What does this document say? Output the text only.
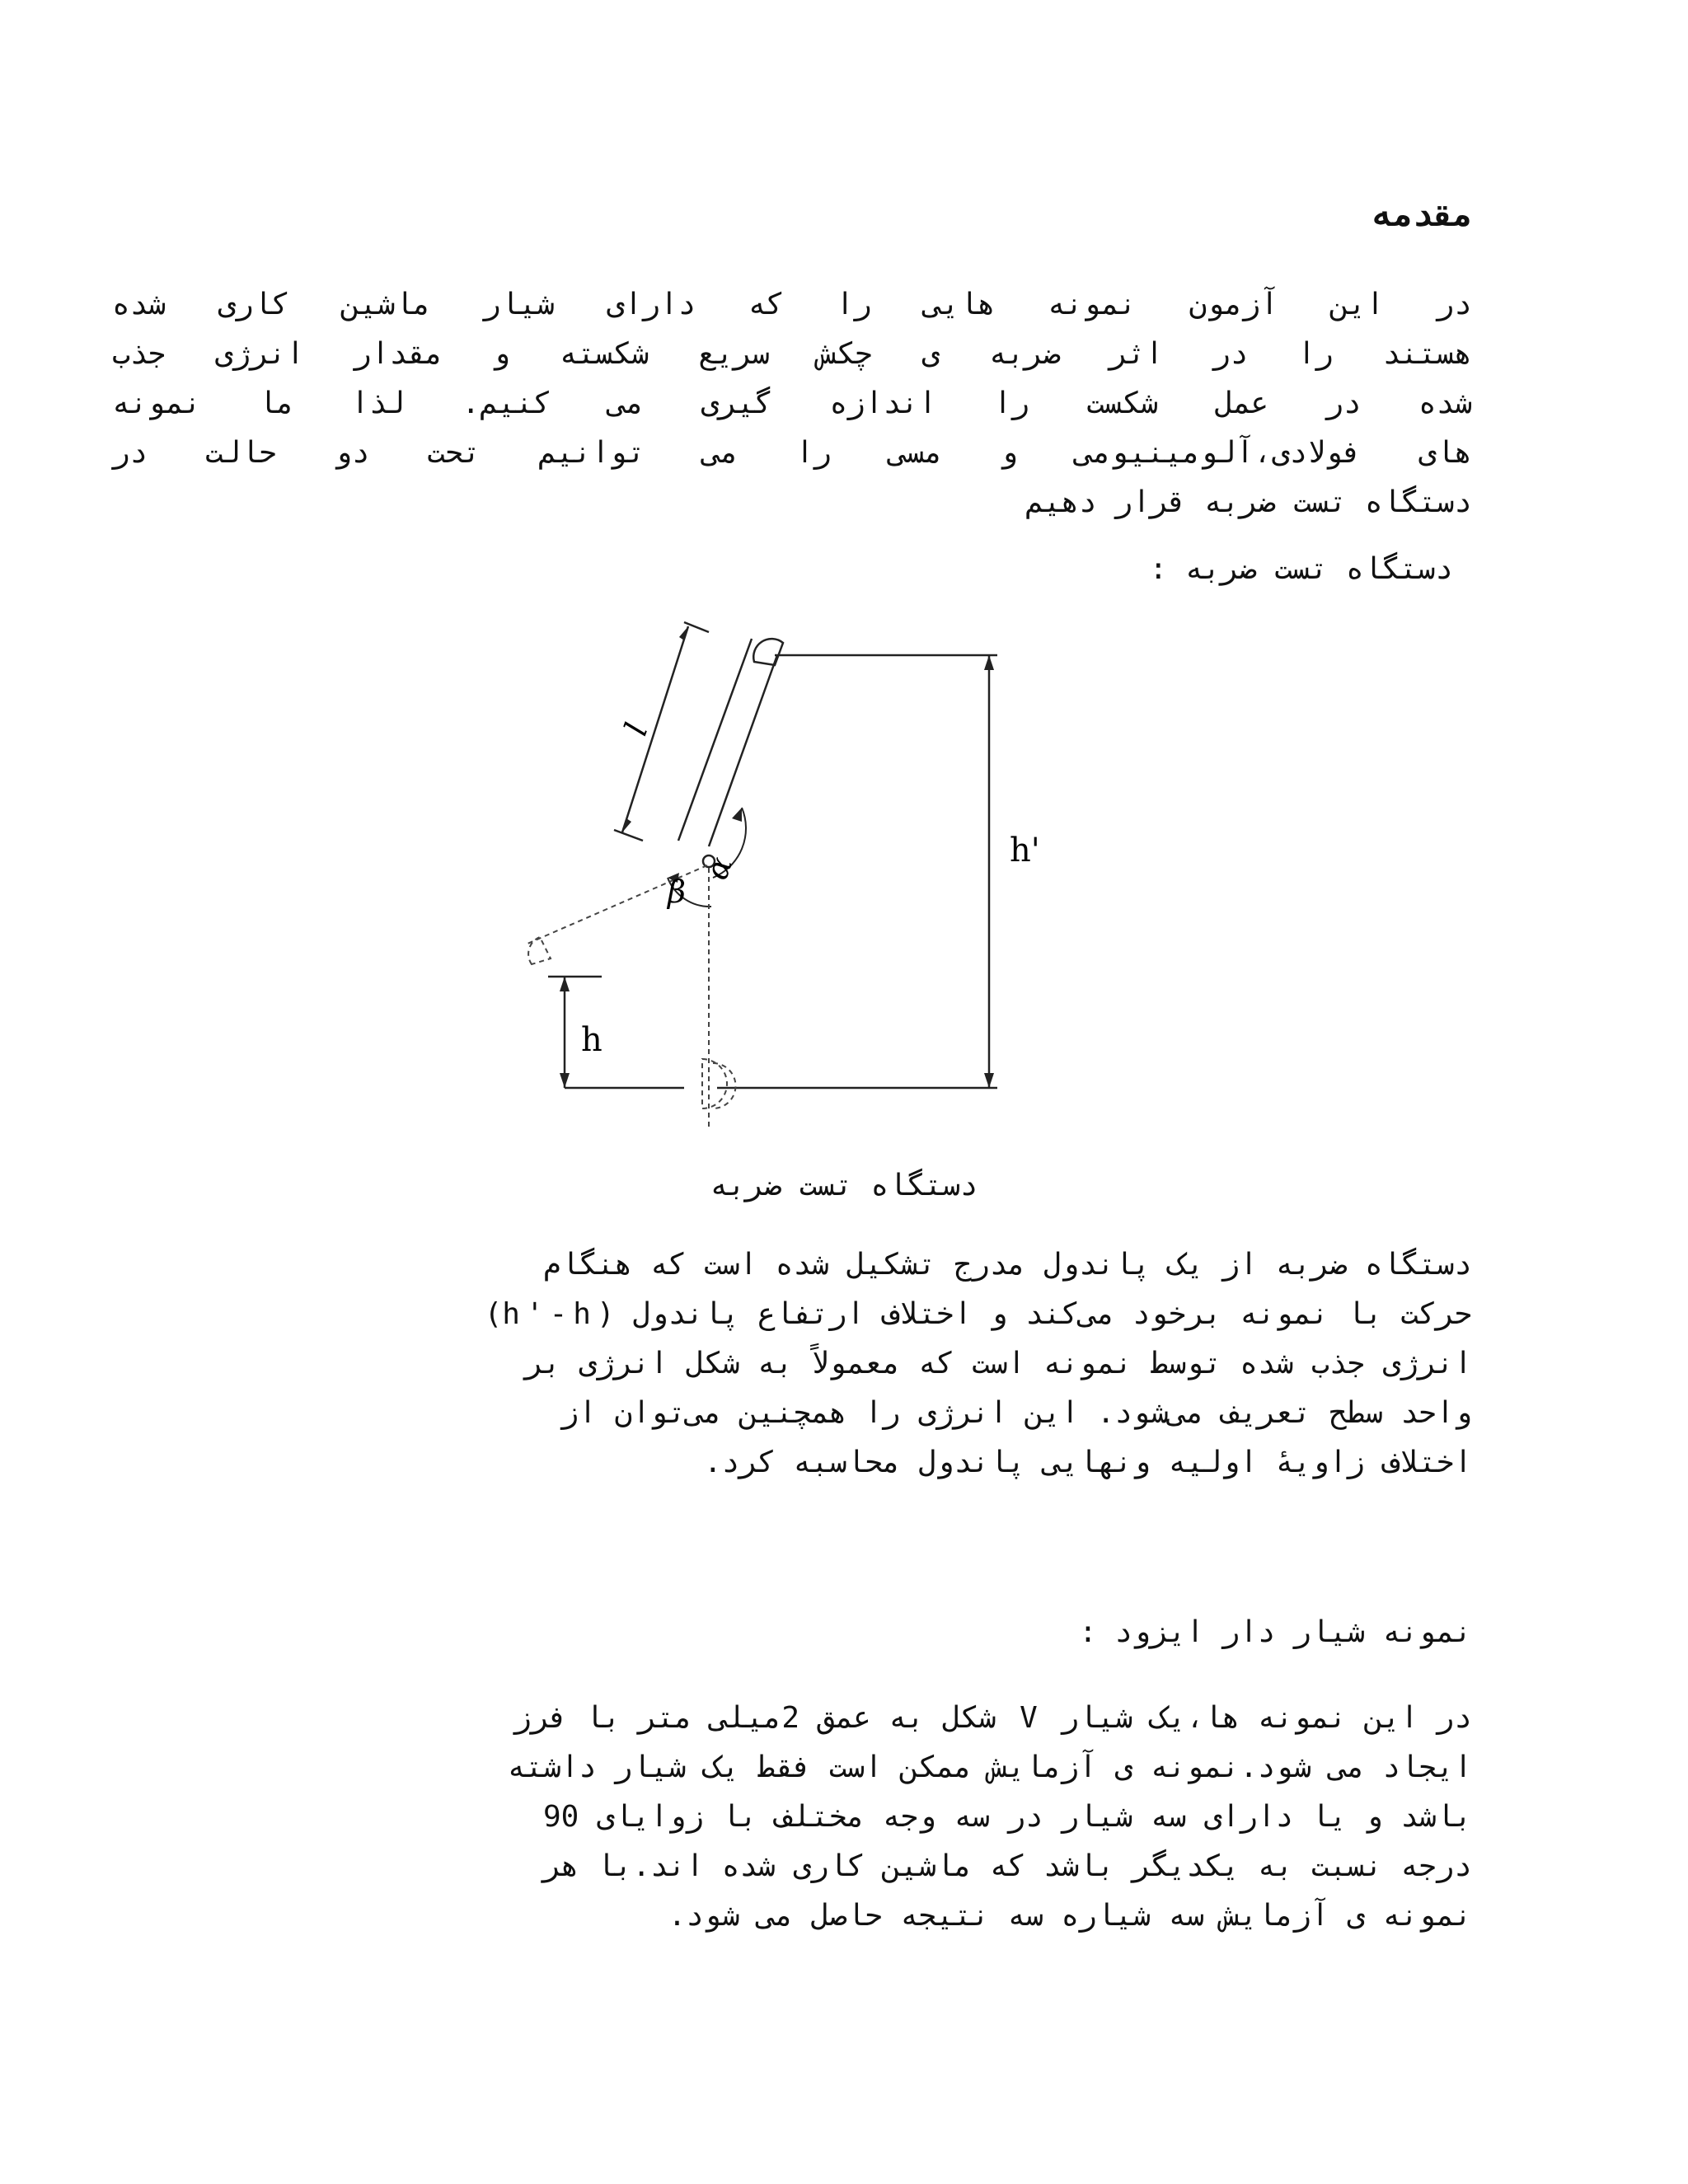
مقدمه
در این آزمون نمونه هایی را که دارای شیار ماشین کاری شده
هستند را در اثر ضربه ی چکش سریع شکسته و مقدار انرژی جذب
شده در عمل شکست را اندازه گیری می کنیم. لذا ما نمونه
های فولادی،آلومینیومی و مسی را می توانیم تحت دو حالت در
دستگاه تست ضربه قرار دهیم
دستگاه تست ضربه :
l
α
β
h'
h
دستگاه تست ضربه
دستگاه ضربه از یک پاندول مدرج تشکیل شده است که هنگام
حرکت با نمونه برخود می‌کند و اختلاف ارتفاع پاندول (h'-h)
انرژی جذب شده توسط نمونه است که معمولاً به شکل انرژی بر
واحد سطح تعریف می‌شود. این انرژی را همچنین می‌توان از
اختلاف زاویهٔ اولیه ونهایی پاندول محاسبه کرد.
نمونه شیار دار ایزود :
در این نمونه ها،یک شیار V شکل به عمق 2میلی متر با فرز
ایجاد می شود.نمونه ی آزمایش ممکن است فقط یک شیار داشته
باشد و یا دارای سه شیار در سه وجه مختلف با زوایای 90
درجه نسبت به یکدیگر باشد که ماشین کاری شده اند.با هر
نمونه ی آزمایش سه شیاره سه نتیجه حاصل می شود.
